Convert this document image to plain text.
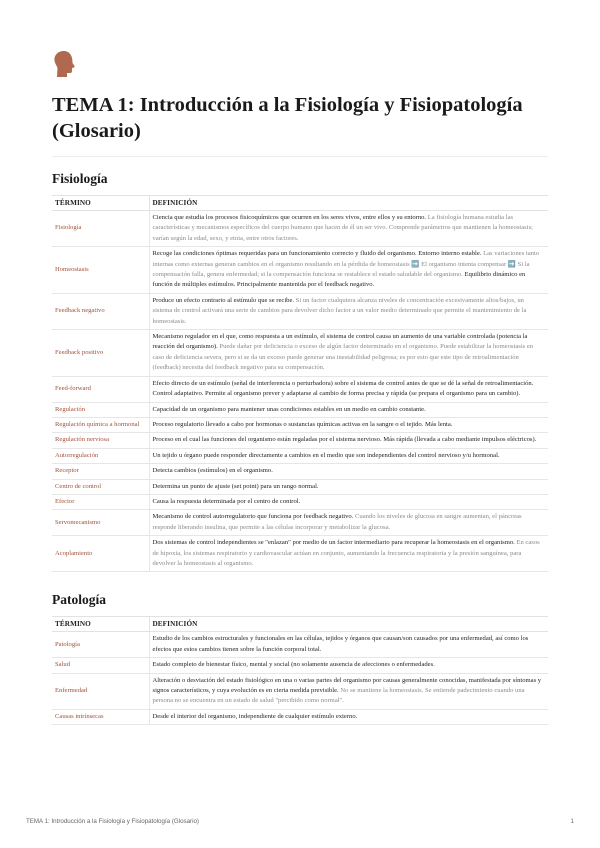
TEMA 1: Introducción a la Fisiología y Fisiopatología (Glosario)
Fisiología
TÉRMINO	DEFINICIÓN
Fisiología	Ciencia que estudia los procesos fisicoquímicos que ocurren en los seres vivos, entre ellos y su entorno. La fisiología humana estudia las características y mecanismos específicos del cuerpo humano que hacen de él un ser vivo. Comprende parámetros que mantienen la homeostasis; varían según la edad, sexo, y etnia, entre otros factores.
Homeostasis	Recoge las condiciones óptimas requeridas para un funcionamiento correcto y fluido del organismo. Entorno interno estable. Las variaciones tanto internas como externas generan cambios en el organismo resultando en la pérdida de homeostasis ➡️ El organismo intenta compensar ➡️ Si la compensación falla, genera enfermedad; si la compensación funciona se restablece el estado saludable del organismo. Equilibrio dinámico en función de múltiples estímulos. Principalmente mantenida por el feedback negativo.
Feedback negativo	Produce un efecto contrario al estímulo que se recibe. Si un factor cualquiera alcanza niveles de concentración excesivamente altos/bajos, un sistema de control activará una serie de cambios para devolver dicho factor a un valor medio determinado que permite el mantenimiento de la homeostasis.
Feedback positivo	Mecanismo regulador en el que, como respuesta a un estímulo, el sistema de control causa un aumento de una variable controlada (potencia la reacción del organismo). Puede dañar por deficiencia o exceso de algún factor determinado en el organismo. Puede estabilizar la homeostasis en caso de deficiencia severa, pero si se da un exceso puede generar una inestabilidad peligrosa; es por esto que este tipo de retroalimentación (feedback) necesita del feedback negativo para su compensación.
Feed-forward	Efecto directo de un estímulo (señal de interferencia o perturbadora) sobre el sistema de control antes de que se dé la señal de retroalimentación. Control adaptativo. Permite al organismo prever y adaptarse al cambio de forma precisa y rápida (se prepara el organismo para un cambio).
Regulación	Capacidad de un organismo para mantener unas condiciones estables en un medio en cambio constante.
Regulación química a hormonal	Proceso regulatorio llevado a cabo por hormonas o sustancias químicas activas en la sangre o el tejido. Más lenta.
Regulación nerviosa	Proceso en el cual las funciones del organismo están regaladas por el sistema nervioso. Más rápida (llevada a cabo mediante impulsos eléctricos).
Autorregulación	Un tejido u órgano puede responder directamente a cambios en el medio que son independientes del control nervioso y/u hormonal.
Receptor	Detecta cambios (estímulos) en el organismo.
Centro de control	Determina un punto de ajuste (set point) para un rango normal.
Efector	Causa la respuesta determinada por el centro de control.
Servomecanismo	Mecanismo de control autorregulatorio que funciona por feedback negativo. Cuando los niveles de glucosa en sangre aumentan, el páncreas responde liberando insulina, que permite a las células incorporar y metabolizar la glucosa.
Acoplamiento	Dos sistemas de control independientes se "enlazan" por medio de un factor intermediario para recuperar la homeostasis en el organismo. En casos de hipoxia, los sistemas respiratorio y cardiovascular actúan en conjunto, aumentando la frecuencia respiratoria y la presión sanguínea, para devolver la homeostasis al organismo.
Patología
TÉRMINO	DEFINICIÓN
Patología	Estudio de los cambios estructurales y funcionales en las células, tejidos y órganos que causan/son causados por una enfermedad, así como los efectos que estos cambios tienen sobre la función corporal total.
Salud	Estado completo de bienestar físico, mental y social (no solamente ausencia de afecciones o enfermedades.
Enfermedad	Alteración o desviación del estado fisiológico en una o varias partes del organismo por causas generalmente conocidas, manifestada por síntomas y signos característicos, y cuya evolución es en cierta medida previsible. No se mantiene la homeostasis. Se entiende padecimiento cuando una persona no se encuentra en un estado de salud "percibido como normal".
Causas intrínsecas	Desde el interior del organismo, independiente de cualquier estímulo externo.
TEMA 1: Introducción a la Fisiología y Fisiopatología (Glosario)	1
